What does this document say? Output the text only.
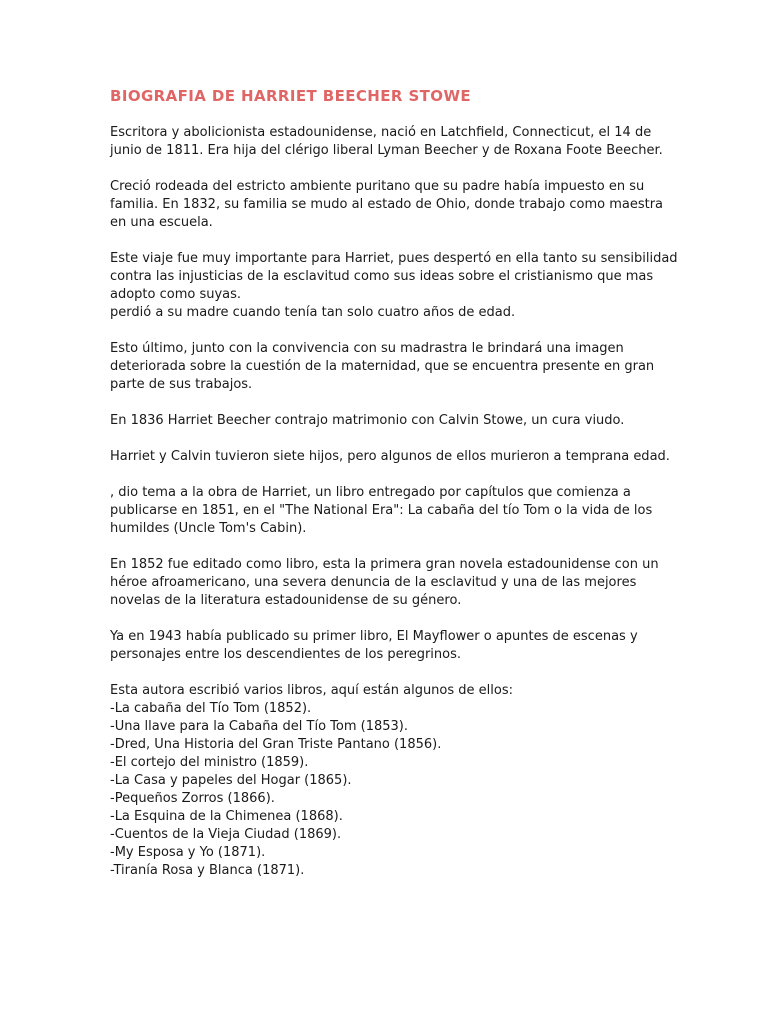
BIOGRAFIA DE HARRIET BEECHER STOWE

Escritora y abolicionista estadounidense, nació en Latchfield, Connecticut, el 14 de
junio de 1811. Era hija del clérigo liberal Lyman Beecher y de Roxana Foote Beecher.

Creció rodeada del estricto ambiente puritano que su padre había impuesto en su
familia. En 1832, su familia se mudo al estado de Ohio, donde trabajo como maestra
en una escuela.

Este viaje fue muy importante para Harriet, pues despertó en ella tanto su sensibilidad
contra las injusticias de la esclavitud como sus ideas sobre el cristianismo que mas
adopto como suyas.
perdió a su madre cuando tenía tan solo cuatro años de edad.

Esto último, junto con la convivencia con su madrastra le brindará una imagen
deteriorada sobre la cuestión de la maternidad, que se encuentra presente en gran
parte de sus trabajos.

En 1836 Harriet Beecher contrajo matrimonio con Calvin Stowe, un cura viudo.

Harriet y Calvin tuvieron siete hijos, pero algunos de ellos murieron a temprana edad.

, dio tema a la obra de Harriet, un libro entregado por capítulos que comienza a
publicarse en 1851, en el "The National Era": La cabaña del tío Tom o la vida de los
humildes (Uncle Tom's Cabin).

En 1852 fue editado como libro, esta la primera gran novela estadounidense con un
héroe afroamericano, una severa denuncia de la esclavitud y una de las mejores
novelas de la literatura estadounidense de su género.

Ya en 1943 había publicado su primer libro, El Mayflower o apuntes de escenas y
personajes entre los descendientes de los peregrinos.

Esta autora escribió varios libros, aquí están algunos de ellos:
-La cabaña del Tío Tom (1852).
-Una llave para la Cabaña del Tío Tom (1853).
-Dred, Una Historia del Gran Triste Pantano (1856).
-El cortejo del ministro (1859).
-La Casa y papeles del Hogar (1865).
-Pequeños Zorros (1866).
-La Esquina de la Chimenea (1868).
-Cuentos de la Vieja Ciudad (1869).
-My Esposa y Yo (1871).
-Tiranía Rosa y Blanca (1871).
